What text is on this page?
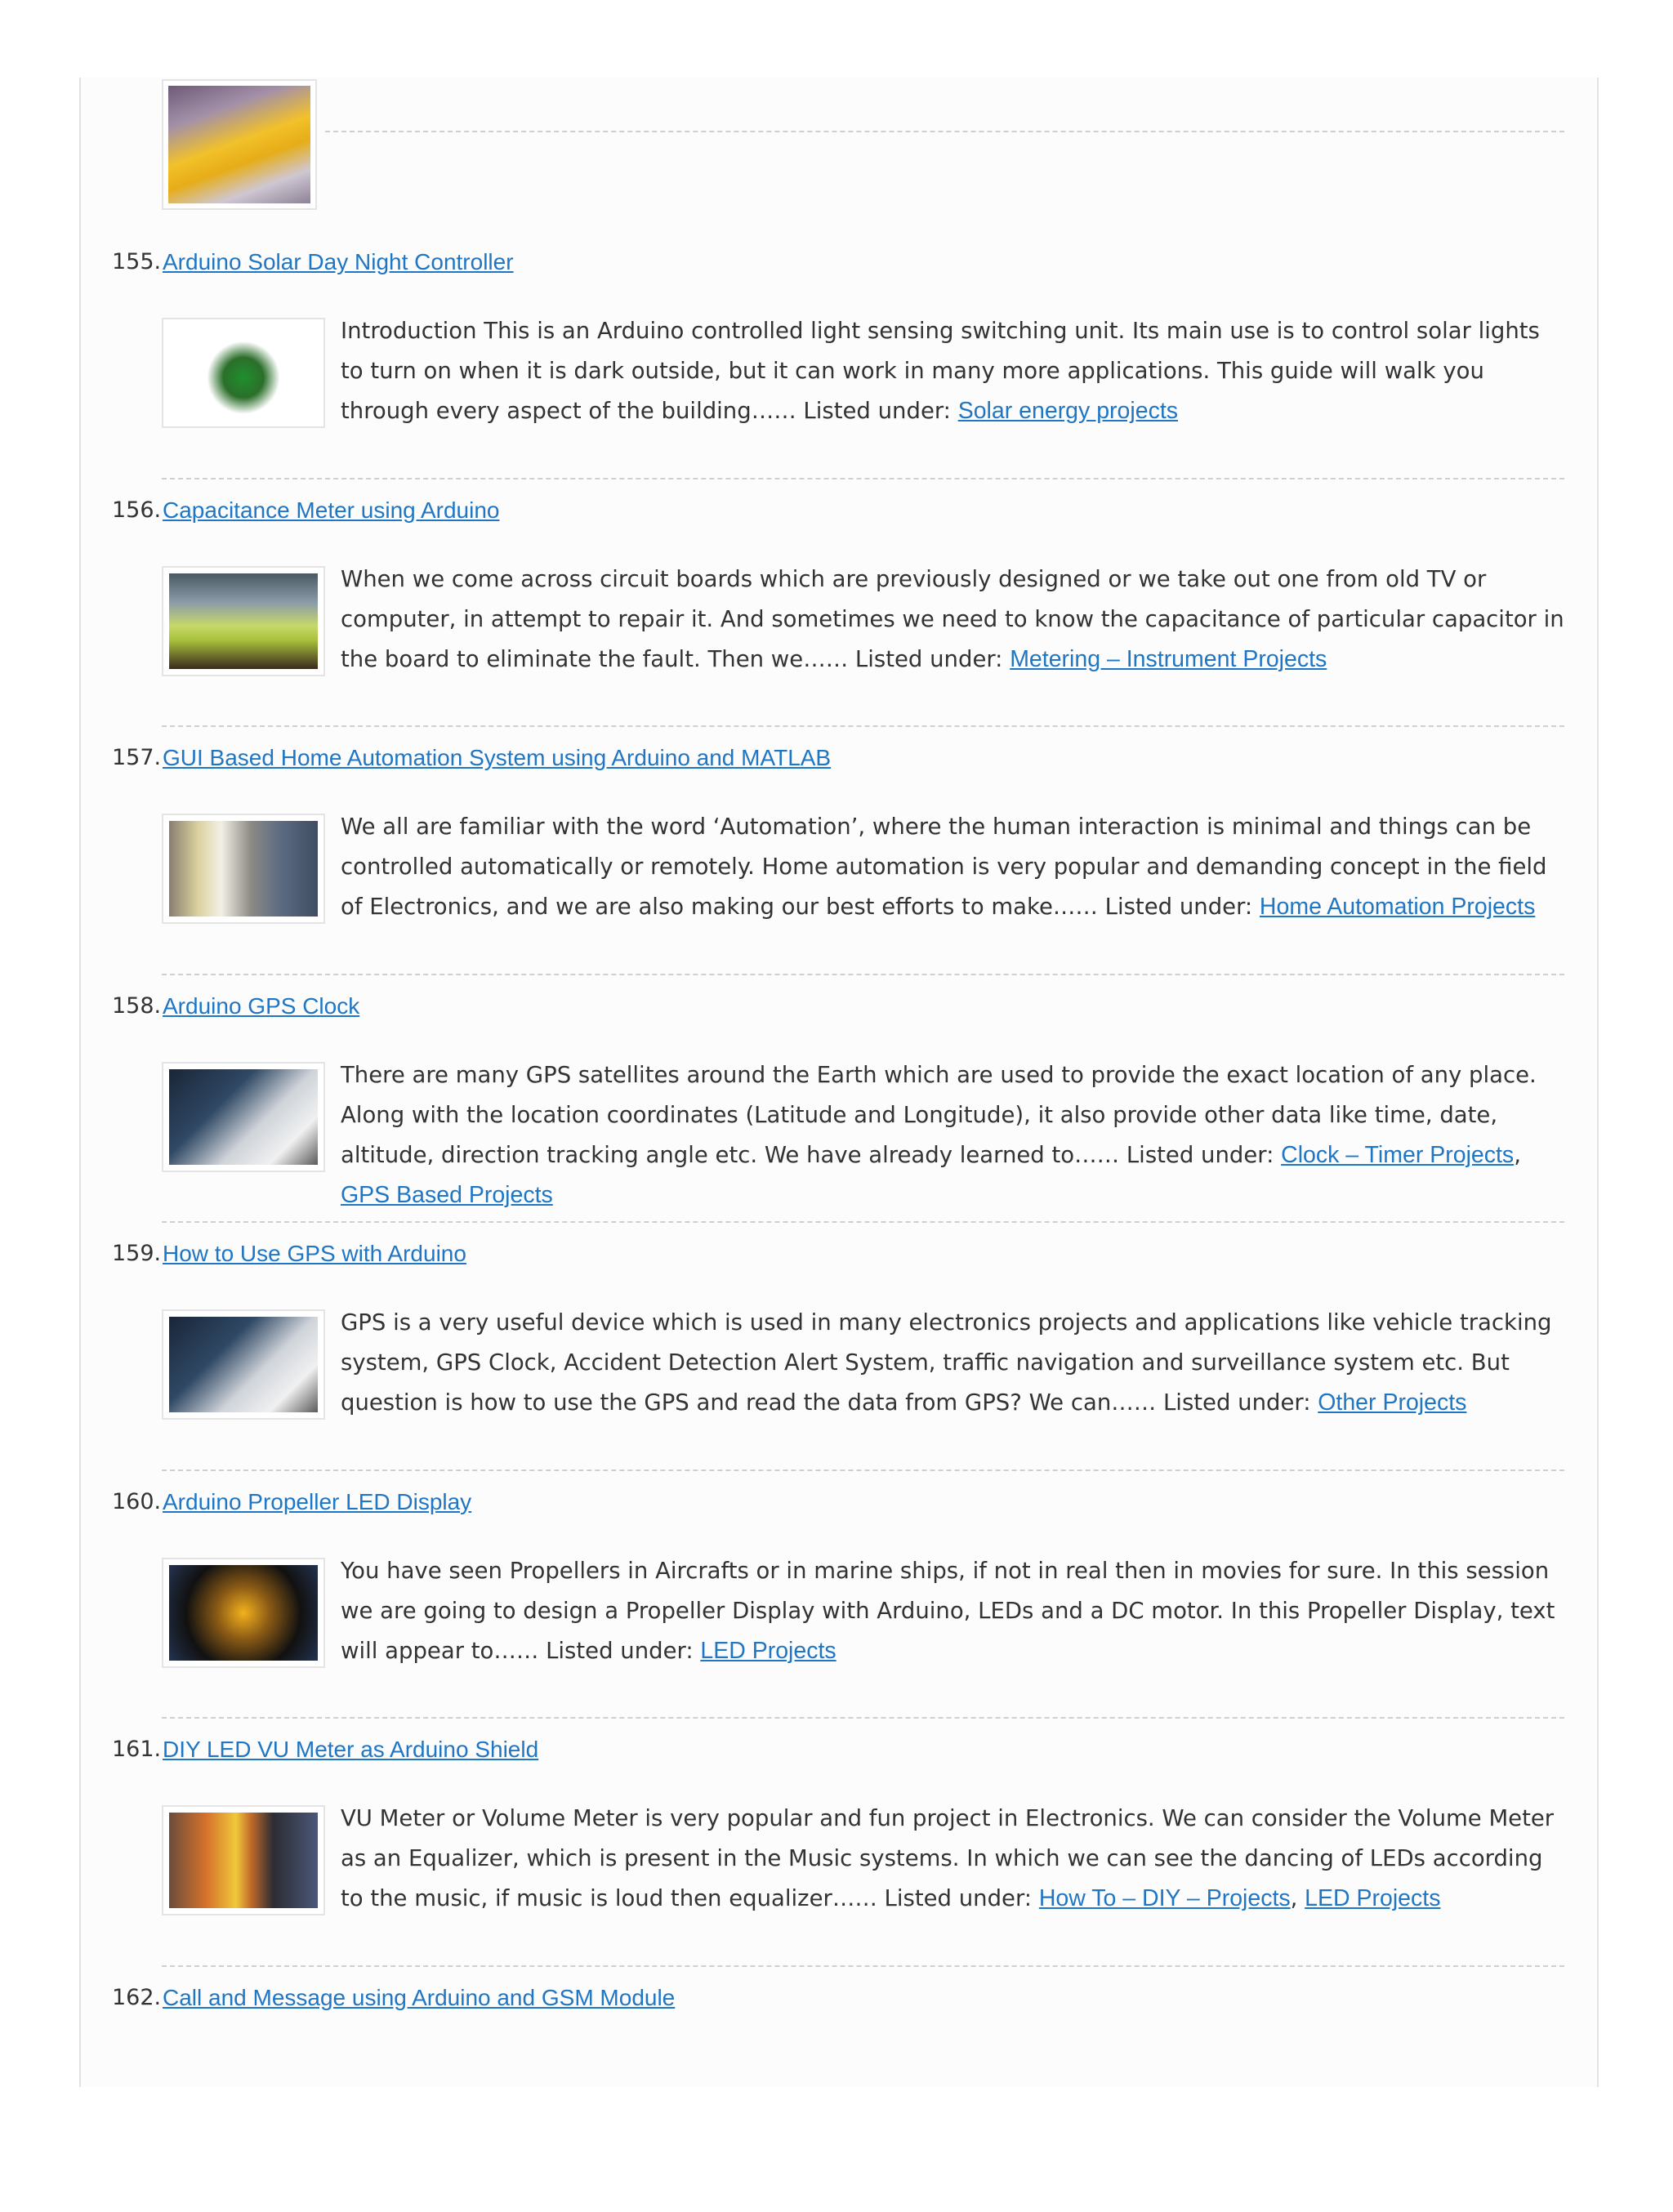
155. Arduino Solar Day Night Controller
Introduction This is an Arduino controlled light sensing switching unit. Its main use is to control solar lights to turn on when it is dark outside, but it can work in many more applications. This guide will walk you through every aspect of the building…… Listed under: Solar energy projects
156. Capacitance Meter using Arduino
When we come across circuit boards which are previously designed or we take out one from old TV or computer, in attempt to repair it. And sometimes we need to know the capacitance of particular capacitor in the board to eliminate the fault. Then we…… Listed under: Metering – Instrument Projects
157. GUI Based Home Automation System using Arduino and MATLAB
We all are familiar with the word ‘Automation’, where the human interaction is minimal and things can be controlled automatically or remotely. Home automation is very popular and demanding concept in the field of Electronics, and we are also making our best efforts to make…… Listed under: Home Automation Projects
158. Arduino GPS Clock
There are many GPS satellites around the Earth which are used to provide the exact location of any place. Along with the location coordinates (Latitude and Longitude), it also provide other data like time, date, altitude, direction tracking angle etc. We have already learned to…… Listed under: Clock – Timer Projects, GPS Based Projects
159. How to Use GPS with Arduino
GPS is a very useful device which is used in many electronics projects and applications like vehicle tracking system, GPS Clock, Accident Detection Alert System, traffic navigation and surveillance system etc. But question is how to use the GPS and read the data from GPS? We can…… Listed under: Other Projects
160. Arduino Propeller LED Display
You have seen Propellers in Aircrafts or in marine ships, if not in real then in movies for sure. In this session we are going to design a Propeller Display with Arduino, LEDs and a DC motor. In this Propeller Display, text will appear to…… Listed under: LED Projects
161. DIY LED VU Meter as Arduino Shield
VU Meter or Volume Meter is very popular and fun project in Electronics. We can consider the Volume Meter as an Equalizer, which is present in the Music systems. In which we can see the dancing of LEDs according to the music, if music is loud then equalizer…… Listed under: How To – DIY – Projects, LED Projects
162. Call and Message using Arduino and GSM Module
